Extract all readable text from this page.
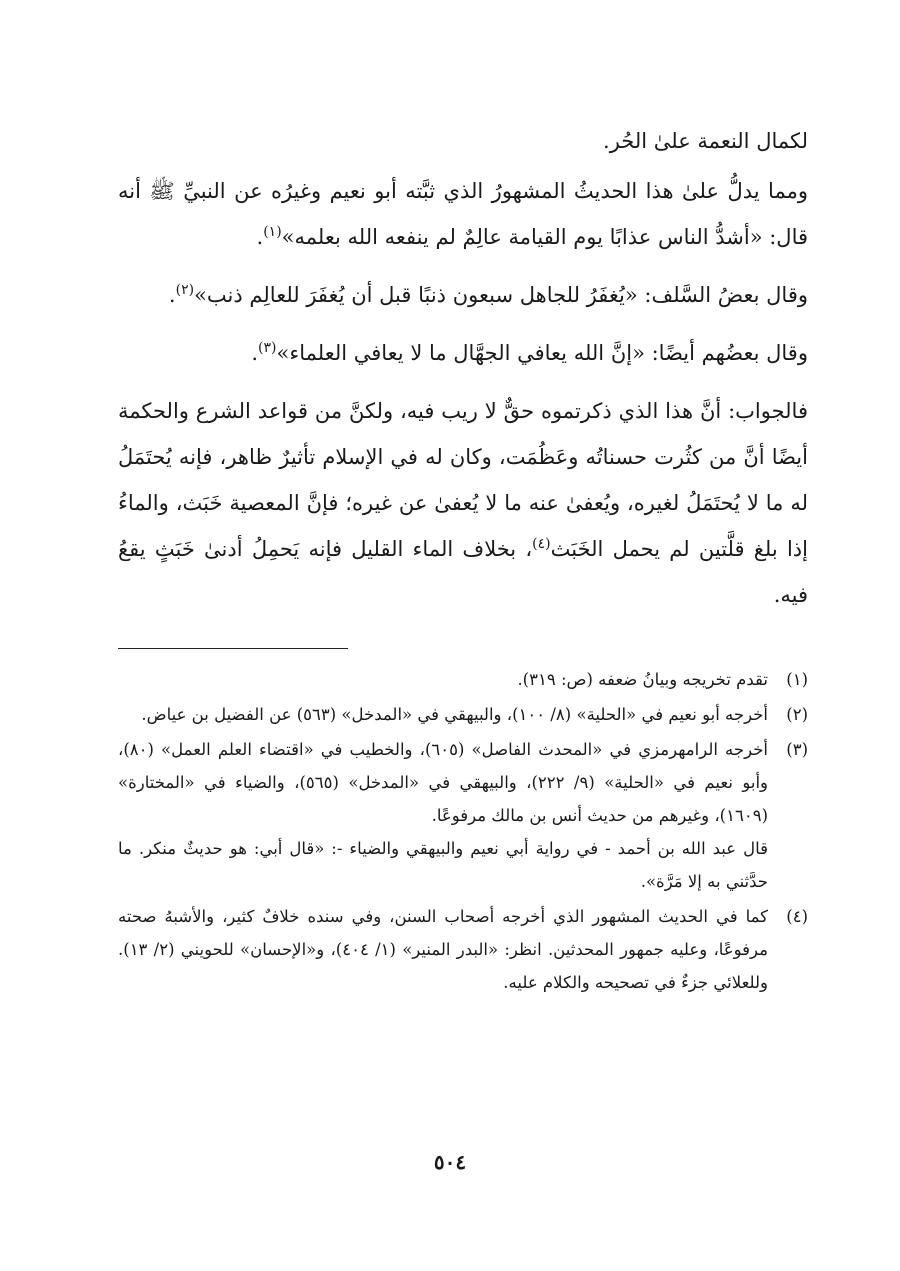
لكمال النعمة علىٰ الحُر.

ومما يدلُّ علىٰ هذا الحديثُ المشهورُ الذي ثبَّته أبو نعيم وغيرُه عن النبيِّ ﷺ أنه قال: «أشدُّ الناس عذابًا يوم القيامة عالِمٌ لم ينفعه الله بعلمه»$^{(١)}$.

وقال بعضُ السَّلف: «يُغفَرُ للجاهل سبعون ذنبًا قبل أن يُغفَرَ للعالِم ذنب»$^{(٢)}$.

وقال بعضُهم أيضًا: «إنَّ الله يعافي الجهَّال ما لا يعافي العلماء»$^{(٣)}$.

فالجواب: أنَّ هذا الذي ذكرتموه حقٌّ لا ريب فيه، ولكنَّ من قواعد الشرع والحكمة أيضًا أنَّ من كثُرت حسناتُه وعَظُمَت، وكان له في الإسلام تأثيرٌ ظاهر، فإنه يُحتَمَلُ له ما لا يُحتَمَلُ لغيره، ويُعفىٰ عنه ما لا يُعفىٰ عن غيره؛ فإنَّ المعصية خَبَث، والماءُ إذا بلغ قلَّتين لم يحمل الخَبَث$^{(٤)}$، بخلاف الماء القليل فإنه يَحمِلُ أدنىٰ خَبَثٍ يقعُ فيه.

(١)

تقدم تخريجه وبيانُ ضعفه (ص: ٣١٩).

(٢)

أخرجه أبو نعيم في «الحلية» (٨/ ١٠٠)، والبيهقي في «المدخل» (٥٦٣) عن الفضيل بن عياض.

(٣)

أخرجه الرامهرمزي في «المحدث الفاصل» (٦٠٥)، والخطيب في «اقتضاء العلم العمل» (٨٠)، وأبو نعيم في «الحلية» (٩/ ٢٢٢)، والبيهقي في «المدخل» (٥٦٥)، والضياء في «المختارة» (١٦٠٩)، وغيرهم من حديث أنس بن مالك مرفوعًا.

قال عبد الله بن أحمد - في رواية أبي نعيم والبيهقي والضياء -: «قال أبي: هو حديثٌ منكر. ما حدَّثني به إلا مَرَّة».

(٤)

كما في الحديث المشهور الذي أخرجه أصحاب السنن، وفي سنده خلافٌ كثير، والأشبهُ صحته مرفوعًا، وعليه جمهور المحدثين. انظر: «البدر المنير» (١/ ٤٠٤)، و«الإحسان» للحويني (٢/ ١٣). وللعلائي جزءٌ في تصحيحه والكلام عليه.

٥٠٤
